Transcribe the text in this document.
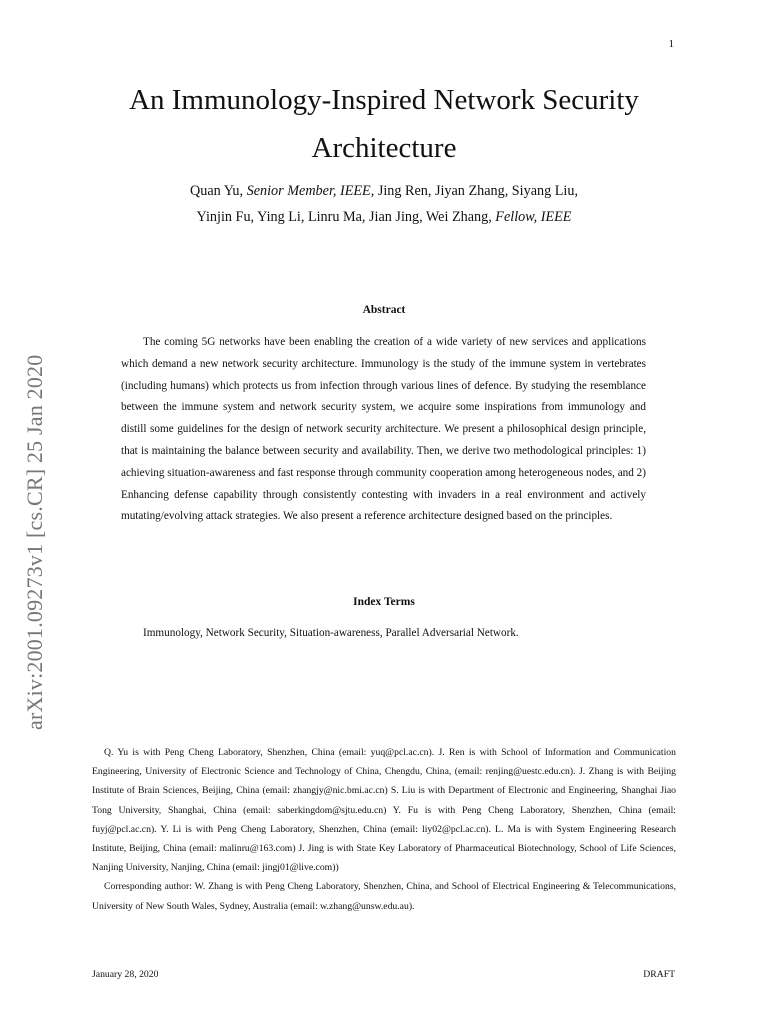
1
arXiv:2001.09273v1 [cs.CR] 25 Jan 2020
An Immunology-Inspired Network Security Architecture
Quan Yu, Senior Member, IEEE, Jing Ren, Jiyan Zhang, Siyang Liu,
Yinjin Fu, Ying Li, Linru Ma, Jian Jing, Wei Zhang, Fellow, IEEE
Abstract

The coming 5G networks have been enabling the creation of a wide variety of new services and applications which demand a new network security architecture. Immunology is the study of the immune system in vertebrates (including humans) which protects us from infection through various lines of defence. By studying the resemblance between the immune system and network security system, we acquire some inspirations from immunology and distill some guidelines for the design of network security architecture. We present a philosophical design principle, that is maintaining the balance between security and availability. Then, we derive two methodological principles: 1) achieving situation-awareness and fast response through community cooperation among heterogeneous nodes, and 2) Enhancing defense capability through consistently contesting with invaders in a real environment and actively mutating/evolving attack strategies. We also present a reference architecture designed based on the principles.

Index Terms

Immunology, Network Security, Situation-awareness, Parallel Adversarial Network.

Q. Yu is with Peng Cheng Laboratory, Shenzhen, China (email: yuq@pcl.ac.cn). J. Ren is with School of Information and Communication Engineering, University of Electronic Science and Technology of China, Chengdu, China, (email: renjing@uestc.edu.cn). J. Zhang is with Beijing Institute of Brain Sciences, Beijing, China (email: zhangjy@nic.bmi.ac.cn) S. Liu is with Department of Electronic and Engineering, Shanghai Jiao Tong University, Shanghai, China (email: saberkingdom@sjtu.edu.cn) Y. Fu is with Peng Cheng Laboratory, Shenzhen, China (email: fuyj@pcl.ac.cn). Y. Li is with Peng Cheng Laboratory, Shenzhen, China (email: liy02@pcl.ac.cn). L. Ma is with System Engineering Research Institute, Beijing, China (email: malinru@163.com) J. Jing is with State Key Laboratory of Pharmaceutical Biotechnology, School of Life Sciences, Nanjing University, Nanjing, China (email: jingj01@live.com))

Corresponding author: W. Zhang is with Peng Cheng Laboratory, Shenzhen, China, and School of Electrical Engineering & Telecommunications, University of New South Wales, Sydney, Australia (email: w.zhang@unsw.edu.au).

January 28, 2020	DRAFT
